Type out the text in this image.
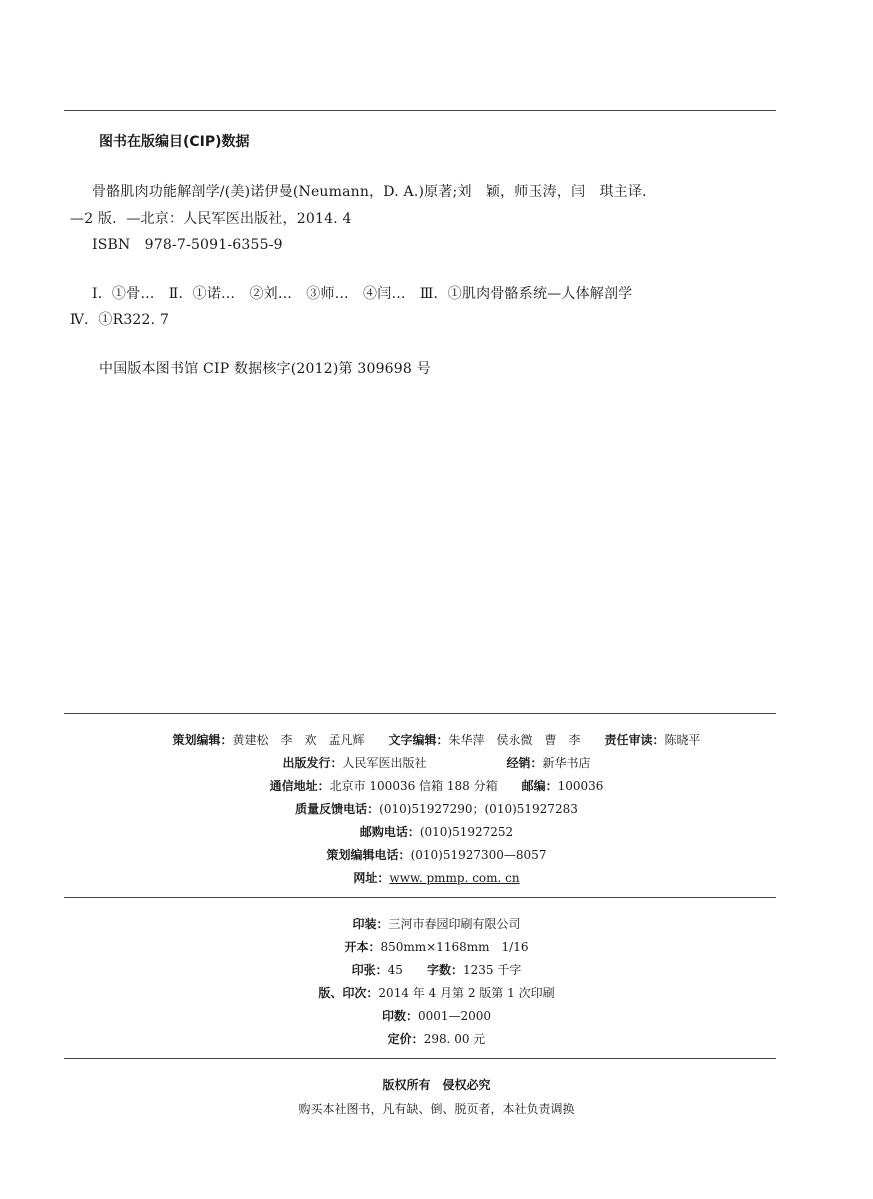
图书在版编目(CIP)数据
骨骼肌肉功能解剖学/(美)诺伊曼(Neumann，D. A.)原著;刘　颖，师玉涛，闫　琪主译．
—2 版．—北京：人民军医出版社，2014. 4
ISBN　978-7-5091-6355-9
Ⅰ．①骨…　Ⅱ．①诺…　②刘…　③师…　④闫…　Ⅲ．①肌肉骨骼系统—人体解剖学
Ⅳ．①R322. 7
中国版本图书馆 CIP 数据核字(2012)第 309698 号
策划编辑：黄建松　李　欢　孟凡辉 文字编辑：朱华萍　侯永微　曹　李 责任审读：陈晓平
出版发行：人民军医出版社	经销：新华书店
通信地址：北京市 100036 信箱 188 分箱 邮编：100036
质量反馈电话：(010)51927290；(010)51927283
邮购电话：(010)51927252
策划编辑电话：(010)51927300—8057
网址：www. pmmp. com. cn
印装：三河市春园印刷有限公司
开本：850mm×1168mm　1/16
印张：45 字数：1235 千字
版、印次：2014 年 4 月第 2 版第 1 次印刷
印数：0001—2000
定价：298. 00 元
版权所有　侵权必究
购买本社图书，凡有缺、倒、脱页者，本社负责调换
